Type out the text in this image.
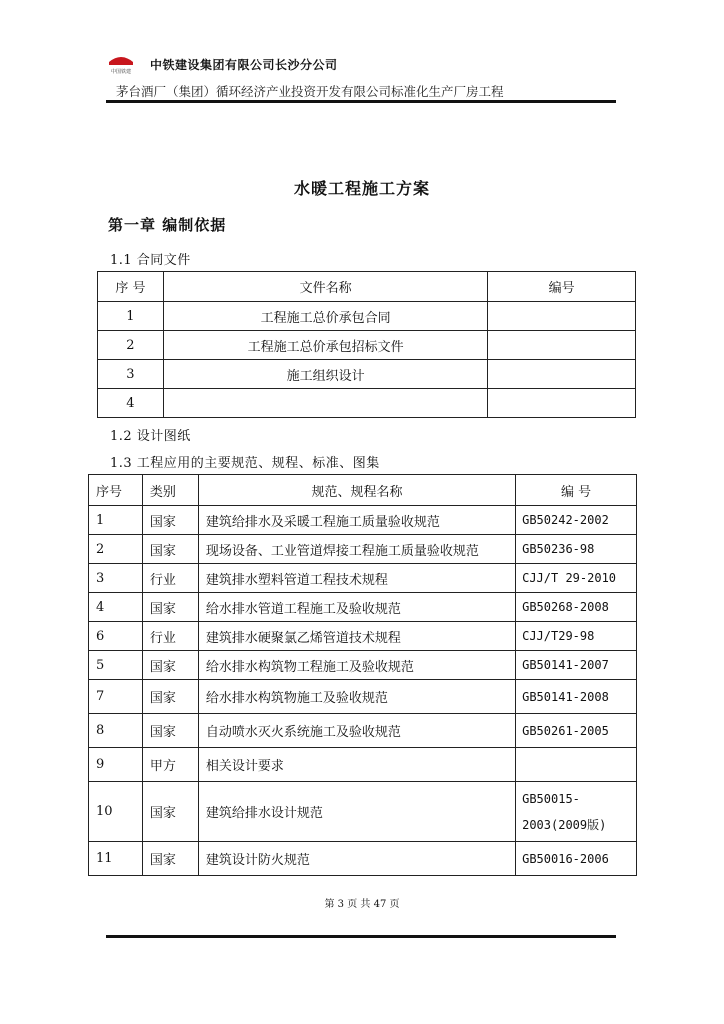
中国铁建
中铁建设集团有限公司长沙分公司
茅台酒厂（集团）循环经济产业投资开发有限公司标准化生产厂房工程
水暖工程施工方案
第一章 编制依据
1.1 合同文件
序 号	文件名称	编号
1	工程施工总价承包合同	
2	工程施工总价承包招标文件	
3	施工组织设计	
4		
1.2 设计图纸
1.3 工程应用的主要规范、规程、标准、图集
序号	类别	规范、规程名称	编 号
1	国家	建筑给排水及采暖工程施工质量验收规范	GB50242-2002
2	国家	现场设备、工业管道焊接工程施工质量验收规范	GB50236-98
3	行业	建筑排水塑料管道工程技术规程	CJJ/T 29-2010
4	国家	给水排水管道工程施工及验收规范	GB50268-2008
6	行业	建筑排水硬聚氯乙烯管道技术规程	CJJ/T29-98
5	国家	给水排水构筑物工程施工及验收规范	GB50141-2007
7	国家	给水排水构筑物施工及验收规范	GB50141-2008
8	国家	自动喷水灭火系统施工及验收规范	GB50261-2005
9	甲方	相关设计要求	
10	国家	建筑给排水设计规范	GB50015-2003(2009版)
11	国家	建筑设计防火规范	GB50016-2006
第 3 页 共 47 页
